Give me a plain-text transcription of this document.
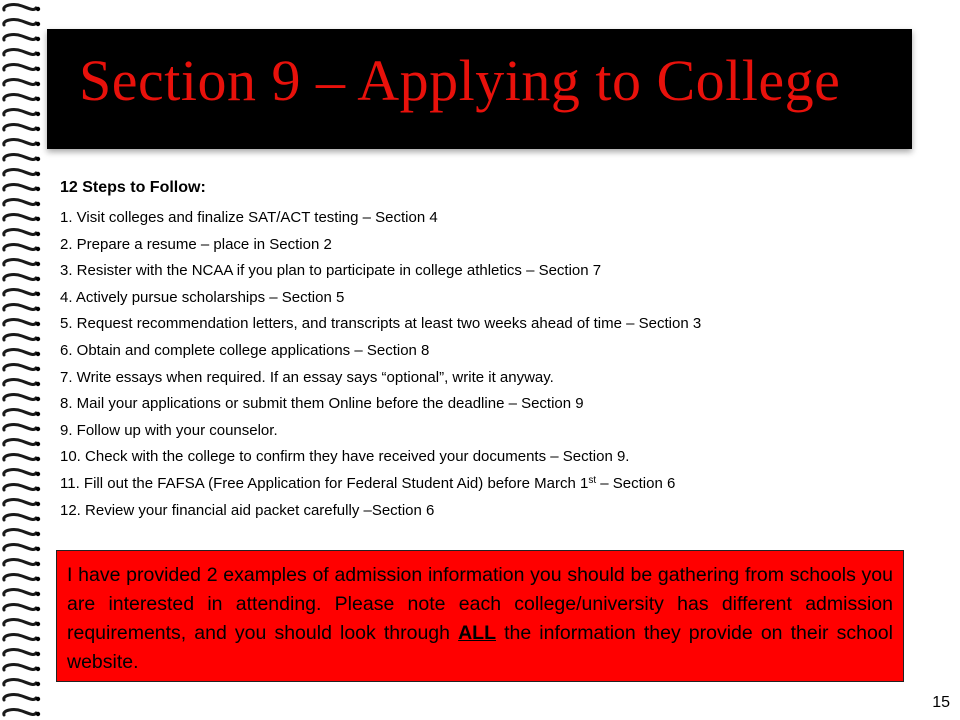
Section 9 – Applying to College
12 Steps to Follow:
1. Visit colleges and finalize SAT/ACT testing – Section 4
2. Prepare a resume – place in Section 2
3. Resister with the NCAA if you plan to participate in college athletics – Section 7
4. Actively pursue scholarships – Section 5
5. Request recommendation letters, and transcripts at least two weeks ahead of time – Section 3
6. Obtain and complete college applications – Section 8
7. Write essays when required. If an essay says “optional”, write it anyway.
8. Mail your applications or submit them Online before the deadline – Section 9
9. Follow up with your counselor.
10. Check with the college to confirm they have received your documents – Section 9.
11. Fill out the FAFSA (Free Application for Federal Student Aid) before March 1st – Section 6
12. Review your financial aid packet carefully –Section 6
I have provided 2 examples of admission information you should be gathering from schools you are interested in attending. Please note each college/university has different admission requirements, and you should look through ALL the information they provide on their school website.
15
